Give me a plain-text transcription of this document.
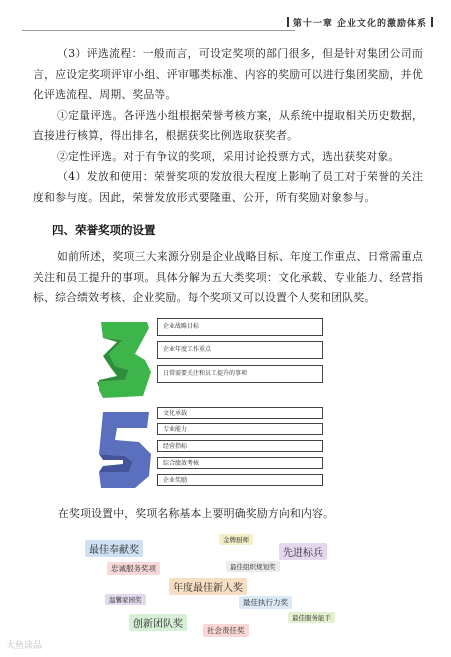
第十一章 企业文化的激励体系

（3）评选流程：一般而言，可设定奖项的部门很多，但是针对集团公司而言，应设定奖项评审小组、评审哪类标准、内容的奖励可以进行集团奖励，并优化评选流程、周期、奖品等。

①定量评选。各评选小组根据荣誉考核方案，从系统中提取相关历史数据，直接进行核算，得出排名，根据获奖比例选取获奖者。

②定性评选。对于有争议的奖项，采用讨论投票方式，选出获奖对象。

（4）发放和使用：荣誉奖项的发放很大程度上影响了员工对于荣誉的关注度和参与度。因此，荣誉发放形式要隆重、公开，所有奖励对象参与。

四、荣誉奖项的设置

如前所述，奖项三大来源分别是企业战略目标、年度工作重点、日常需重点关注和员工提升的事项。具体分解为五大类奖项：文化承载、专业能力、经营指标、综合绩效考核、企业奖励。每个奖项又可以设置个人奖和团队奖。

企业战略目标
企业年度工作重点
日常需要关注和员工提升的事项
文化承载
专业能力
经营指标
综合绩效考核
企业奖励
在奖项设置中，奖项名称基本上要明确奖励方向和内容。
最佳奉献奖
金牌厨师
先进标兵
忠诚服务奖项	最佳组织规划奖
年度最佳新人奖
温馨家园奖	最佳执行力奖
创新团队奖
社会责任奖
最佳服务能手
大鱼读品
